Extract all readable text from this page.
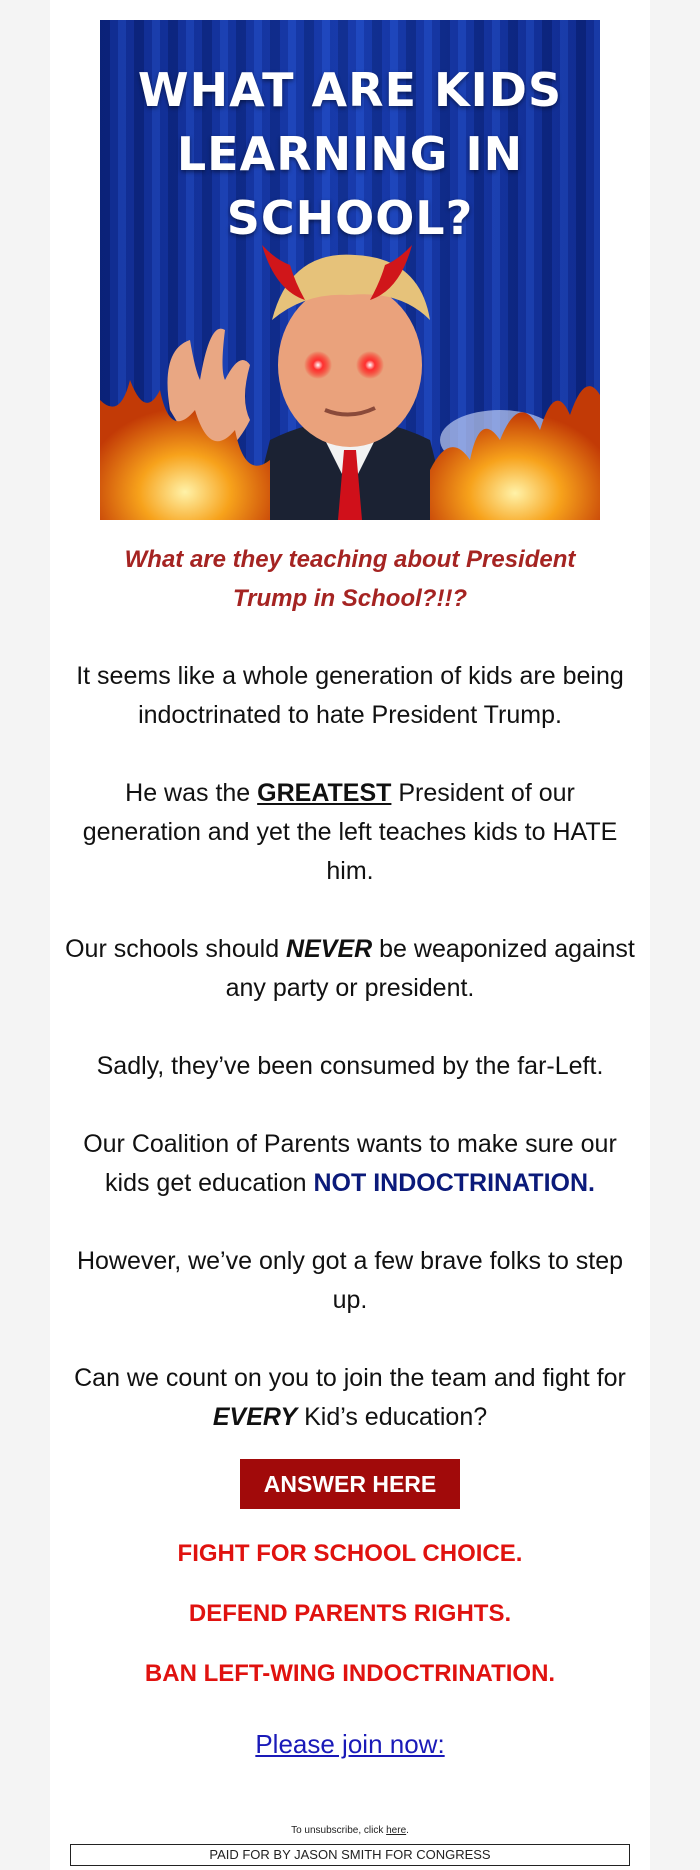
WHAT ARE KIDS
LEARNING IN
SCHOOL?
What are they teaching about President Trump in School?!!?
It seems like a whole generation of kids are being indoctrinated to hate President Trump.
He was the GREATEST President of our generation and yet the left teaches kids to HATE him.
Our schools should NEVER be weaponized against any party or president.
Sadly, they’ve been consumed by the far-Left.
Our Coalition of Parents wants to make sure our kids get education NOT INDOCTRINATION.
However, we’ve only got a few brave folks to step up.
Can we count on you to join the team and fight for EVERY Kid’s education?
ANSWER HERE
FIGHT FOR SCHOOL CHOICE.
DEFEND PARENTS RIGHTS.
BAN LEFT-WING INDOCTRINATION.
Please join now:
To unsubscribe, click here.
PAID FOR BY JASON SMITH FOR CONGRESS
